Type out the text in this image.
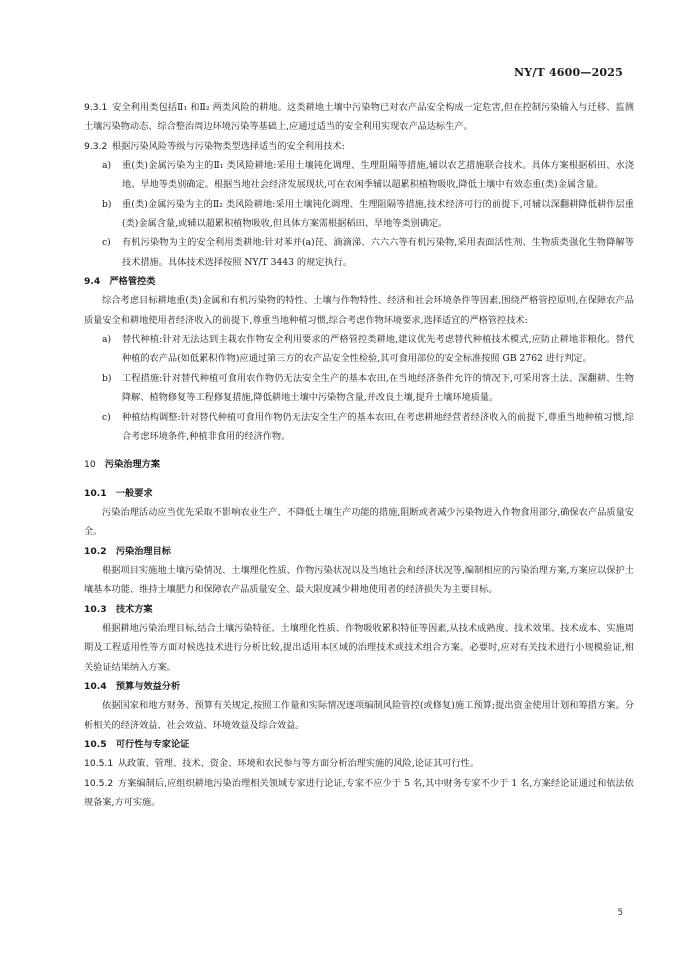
NY/T 4600—2025

9.3.1  安全利用类包括Ⅱ₁ 和Ⅱ₂ 两类风险的耕地。这类耕地土壤中污染物已对农产品安全构成一定危害,但在控制污染输入与迁移、监测土壤污染物动态、综合整治周边环境污染等基础上,应通过适当的安全利用实现农产品达标生产。

9.3.2  根据污染风险等级与污染物类型选择适当的安全利用技术:

a) 重(类)金属污染为主的Ⅱ₁ 类风险耕地:采用土壤钝化调理、生理阻隔等措施,辅以农艺措施联合技术。具体方案根据稻田、水浇地、旱地等类别确定。根据当地社会经济发展现状,可在农闲季辅以超累积植物吸收,降低土壤中有效态重(类)金属含量。

b) 重(类)金属污染为主的Ⅱ₂ 类风险耕地:采用土壤钝化调理、生理阻隔等措施,技术经济可行的前提下,可辅以深翻耕降低耕作层重(类)金属含量,或辅以超累积植物吸收,但具体方案需根据稻田、旱地等类别确定。

c) 有机污染物为主的安全利用类耕地:针对苯并(a)芘、滴滴涕、六六六等有机污染物,采用表面活性剂、生物质类强化生物降解等技术措施。具体技术选择按照 NY/T 3443 的规定执行。

9.4  严格管控类

综合考虑目标耕地重(类)金属和有机污染物的特性、土壤与作物特性、经济和社会环境条件等因素,围绕严格管控原则,在保障农产品质量安全和耕地使用者经济收入的前提下,尊重当地种植习惯,综合考虑作物环境要求,选择适宜的严格管控技术:

a) 替代种植:针对无法达到主栽农作物安全利用要求的严格管控类耕地,建议优先考虑替代种植技术模式,应防止耕地非粮化。替代种植的农产品(如低累积作物)应通过第三方的农产品安全性检验,其可食用部位的安全标准按照 GB 2762 进行判定。

b) 工程措施:针对替代种植可食用农作物仍无法安全生产的基本农田,在当地经济条件允许的情况下,可采用客土法、深翻耕、生物降解、植物修复等工程修复措施,降低耕地土壤中污染物含量,并改良土壤,提升土壤环境质量。

c) 种植结构调整:针对替代种植可食用作物仍无法安全生产的基本农田,在考虑耕地经营者经济收入的前提下,尊重当地种植习惯,综合考虑环境条件,种植非食用的经济作物。

10  污染治理方案

10.1  一般要求

污染治理活动应当优先采取不影响农业生产、不降低土壤生产功能的措施,阻断或者减少污染物进入作物食用部分,确保农产品质量安全。

10.2  污染治理目标

根据项目实施地土壤污染情况、土壤理化性质、作物污染状况以及当地社会和经济状况等,编制相应的污染治理方案,方案应以保护土壤基本功能、维持土壤肥力和保障农产品质量安全、最大限度减少耕地使用者的经济损失为主要目标。

10.3  技术方案

根据耕地污染治理目标,结合土壤污染特征、土壤理化性质、作物吸收累积特征等因素,从技术成熟度、技术效果、技术成本、实施周期及工程适用性等方面对候选技术进行分析比较,提出适用本区域的治理技术或技术组合方案。必要时,应对有关技术进行小规模验证,相关验证结果纳入方案。

10.4  预算与效益分析

依据国家和地方财务、预算有关规定,按照工作量和实际情况逐项编制风险管控(或修复)施工预算;提出资金使用计划和筹措方案。分析相关的经济效益、社会效益、环境效益及综合效益。

10.5  可行性与专家论证

10.5.1  从政策、管理、技术、资金、环境和农民参与等方面分析治理实施的风险,论证其可行性。

10.5.2  方案编制后,应组织耕地污染治理相关领域专家进行论证,专家不应少于 5 名,其中财务专家不少于 1 名,方案经论证通过和依法依规备案,方可实施。

5
